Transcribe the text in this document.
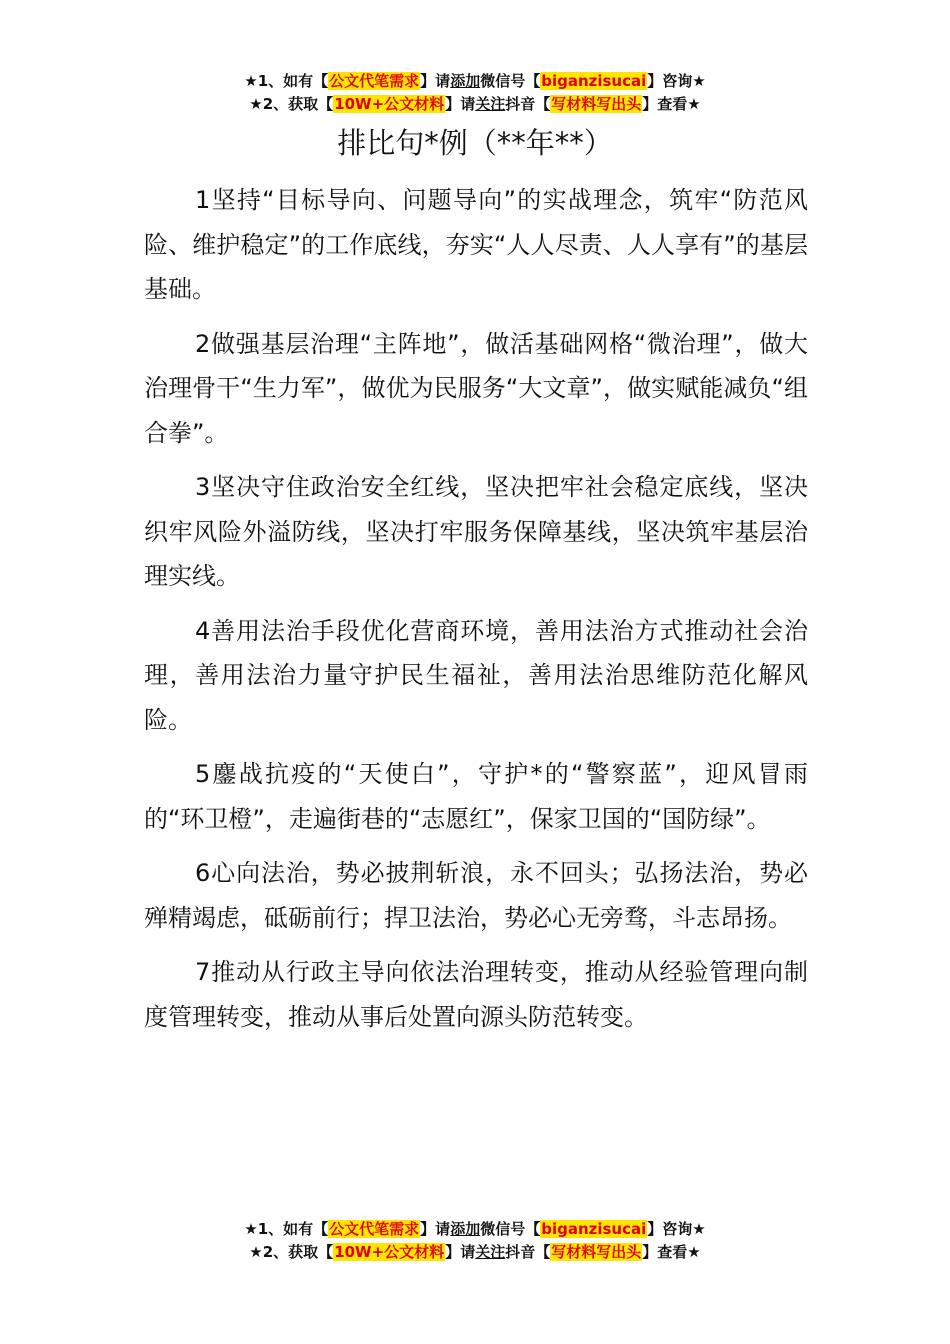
★1、如有【公文代笔需求】请添加微信号【biganzisucai】咨询★
★2、获取【10W+公文材料】请关注抖音【写材料写出头】查看★
排比句*例（**年**）

1坚持“目标导向、问题导向”的实战理念，筑牢“防范风险、维护稳定”的工作底线，夯实“人人尽责、人人享有”的基层基础。

2做强基层治理“主阵地”，做活基础网格“微治理”，做大治理骨干“生力军”，做优为民服务“大文章”，做实赋能减负“组合拳”。

3坚决守住政治安全红线，坚决把牢社会稳定底线，坚决织牢风险外溢防线，坚决打牢服务保障基线，坚决筑牢基层治理实线。

4善用法治手段优化营商环境，善用法治方式推动社会治理，善用法治力量守护民生福祉，善用法治思维防范化解风险。

5鏖战抗疫的“天使白”，守护*的“警察蓝”，迎风冒雨的“环卫橙”，走遍街巷的“志愿红”，保家卫国的“国防绿”。

6心向法治，势必披荆斩浪，永不回头；弘扬法治，势必殚精竭虑，砥砺前行；捍卫法治，势必心无旁骛，斗志昂扬。

7推动从行政主导向依法治理转变，推动从经验管理向制度管理转变，推动从事后处置向源头防范转变。

★1、如有【公文代笔需求】请添加微信号【biganzisucai】咨询★
★2、获取【10W+公文材料】请关注抖音【写材料写出头】查看★
